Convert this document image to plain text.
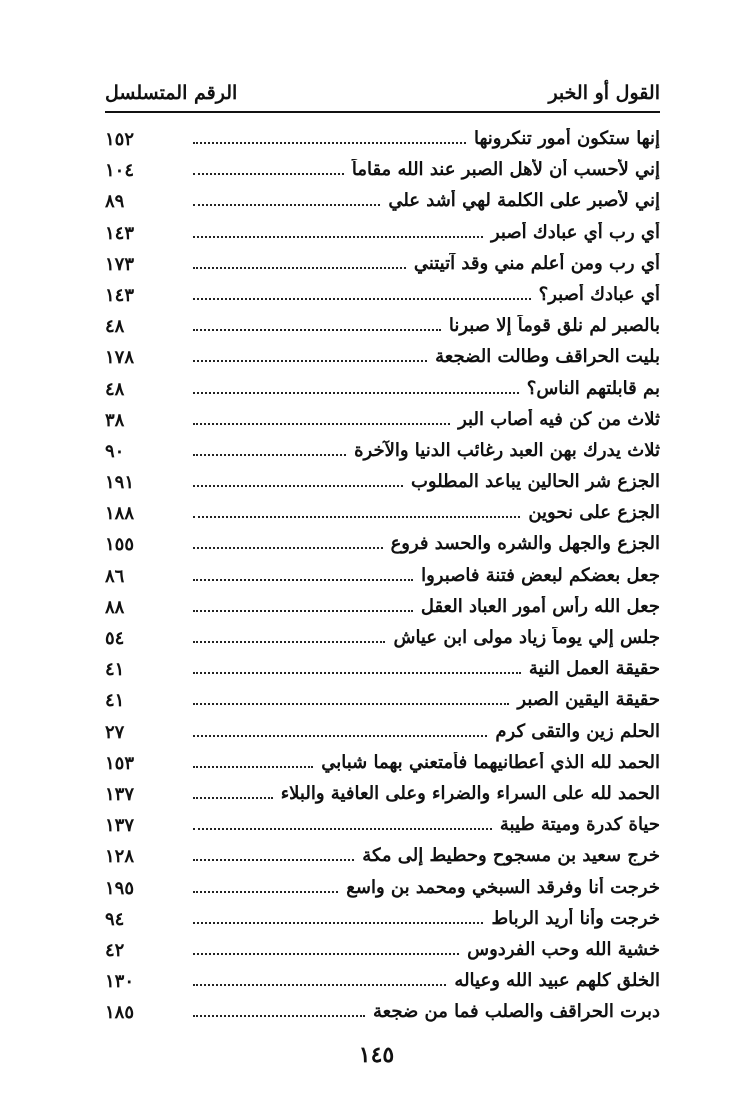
القول أو الخبر
الرقم المتسلسل
إنها ستكون أمور تنكرونها
١٥٢
إني لأحسب أن لأهل الصبر عند الله مقاماً
١٠٤
إني لأصبر على الكلمة لهي أشد علي
٨٩
أي رب أي عبادك أصبر
١٤٣
أي رب ومن أعلم مني وقد آتيتني
١٧٣
أي عبادك أصبر؟
١٤٣
بالصبر لم نلق قوماً إلا صبرنا
٤٨
بليت الحراقف وطالت الضجعة
١٧٨
بم قابلتهم الناس؟
٤٨
ثلاث من كن فيه أصاب البر
٣٨
ثلاث يدرك بهن العبد رغائب الدنيا والآخرة
٩٠
الجزع شر الحالين يباعد المطلوب
١٩١
الجزع على نحوين
١٨٨
الجزع والجهل والشره والحسد فروع
١٥٥
جعل بعضكم لبعض فتنة فاصبروا
٨٦
جعل الله رأس أمور العباد العقل
٨٨
جلس إلي يوماً زياد مولى ابن عياش
٥٤
حقيقة العمل النية
٤١
حقيقة اليقين الصبر
٤١
الحلم زين والتقى كرم
٢٧
الحمد لله الذي أعطانيهما فأمتعني بهما شبابي
١٥٣
الحمد لله على السراء والضراء وعلى العافية والبلاء
١٣٧
حياة كدرة وميتة طيبة
١٣٧
خرج سعيد بن مسجوح وحطيط إلى مكة
١٢٨
خرجت أنا وفرقد السبخي ومحمد بن واسع
١٩٥
خرجت وأنا أريد الرباط
٩٤
خشية الله وحب الفردوس
٤٢
الخلق كلهم عبيد الله وعياله
١٣٠
دبرت الحراقف والصلب فما من ضجعة
١٨٥
١٤٥
